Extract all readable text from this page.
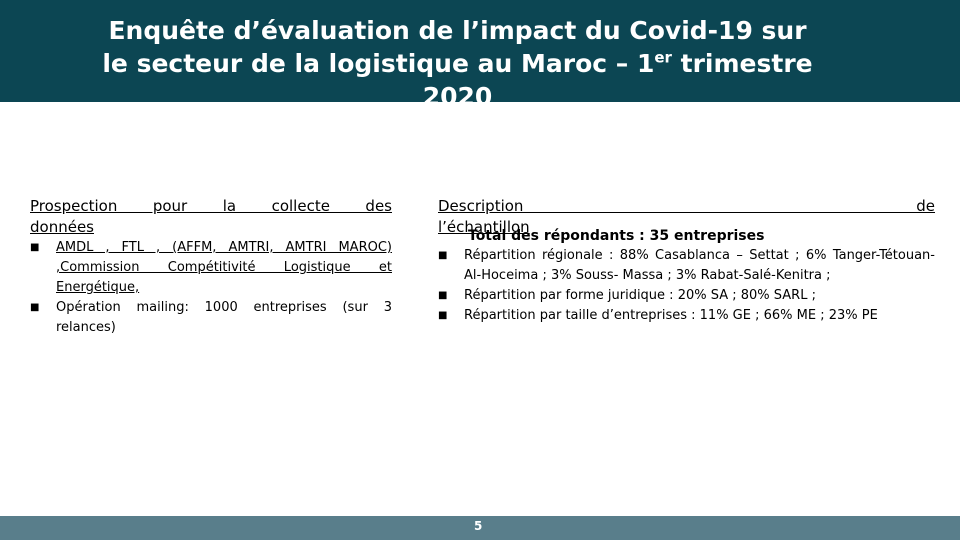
Enquête d’évaluation de l’impact du Covid-19 sur
le secteur de la logistique au Maroc – 1er trimestre
2020

Prospection pour la collecte des

données

■ AMDL , FTL , (AFFM, AMTRI, AMTRI MAROC) ,Commission Compétitivité Logistique et Energétique,
■ Opération mailing: 1000 entreprises (sur 3 relances)

Description de

l’échantillon

Total des répondants : 35 entreprises
■ Répartition régionale : 88% Casablanca – Settat ; 6% Tanger-Tétouan- Al-Hoceima ; 3% Souss- Massa ; 3% Rabat-Salé-Kenitra ;
■ Répartition par forme juridique : 20% SA ; 80% SARL ;
■ Répartition par taille d’entreprises : 11% GE ; 66% ME ; 23% PE
5
